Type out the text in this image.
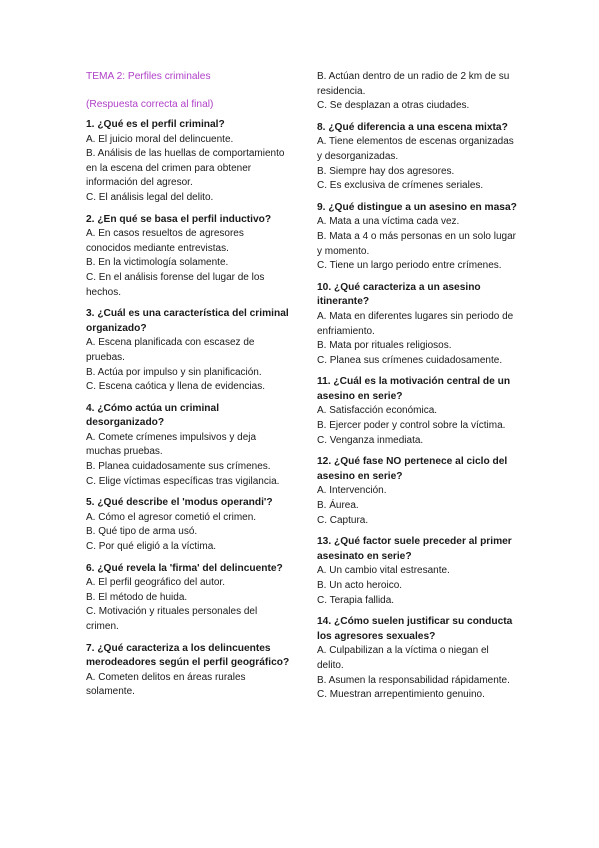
TEMA 2: Perfiles criminales

(Respuesta correcta al final)

1. ¿Qué es el perfil criminal?

A. El juicio moral del delincuente.
B. Análisis de las huellas de comportamiento en la escena del crimen para obtener información del agresor.
C. El análisis legal del delito.

2. ¿En qué se basa el perfil inductivo?

A. En casos resueltos de agresores conocidos mediante entrevistas.
B. En la victimología solamente.
C. En el análisis forense del lugar de los hechos.

3. ¿Cuál es una característica del criminal organizado?

A. Escena planificada con escasez de pruebas.
B. Actúa por impulso y sin planificación.
C. Escena caótica y llena de evidencias.

4. ¿Cómo actúa un criminal desorganizado?

A. Comete crímenes impulsivos y deja muchas pruebas.
B. Planea cuidadosamente sus crímenes.
C. Elige víctimas específicas tras vigilancia.

5. ¿Qué describe el 'modus operandi'?

A. Cómo el agresor cometió el crimen.
B. Qué tipo de arma usó.
C. Por qué eligió a la víctima.

6. ¿Qué revela la 'firma' del delincuente?

A. El perfil geográfico del autor.
B. El método de huida.
C. Motivación y rituales personales del crimen.

7. ¿Qué caracteriza a los delincuentes merodeadores según el perfil geográfico?

A. Cometen delitos en áreas rurales solamente.
B. Actúan dentro de un radio de 2 km de su residencia.
C. Se desplazan a otras ciudades.

8. ¿Qué diferencia a una escena mixta?

A. Tiene elementos de escenas organizadas y desorganizadas.
B. Siempre hay dos agresores.
C. Es exclusiva de crímenes seriales.

9. ¿Qué distingue a un asesino en masa?

A. Mata a una víctima cada vez.
B. Mata a 4 o más personas en un solo lugar y momento.
C. Tiene un largo periodo entre crímenes.

10. ¿Qué caracteriza a un asesino itinerante?

A. Mata en diferentes lugares sin periodo de enfriamiento.
B. Mata por rituales religiosos.
C. Planea sus crímenes cuidadosamente.

11. ¿Cuál es la motivación central de un asesino en serie?

A. Satisfacción económica.
B. Ejercer poder y control sobre la víctima.
C. Venganza inmediata.

12. ¿Qué fase NO pertenece al ciclo del asesino en serie?

A. Intervención.
B. Áurea.
C. Captura.

13. ¿Qué factor suele preceder al primer asesinato en serie?

A. Un cambio vital estresante.
B. Un acto heroico.
C. Terapia fallida.

14. ¿Cómo suelen justificar su conducta los agresores sexuales?

A. Culpabilizan a la víctima o niegan el delito.
B. Asumen la responsabilidad rápidamente.
C. Muestran arrepentimiento genuino.
